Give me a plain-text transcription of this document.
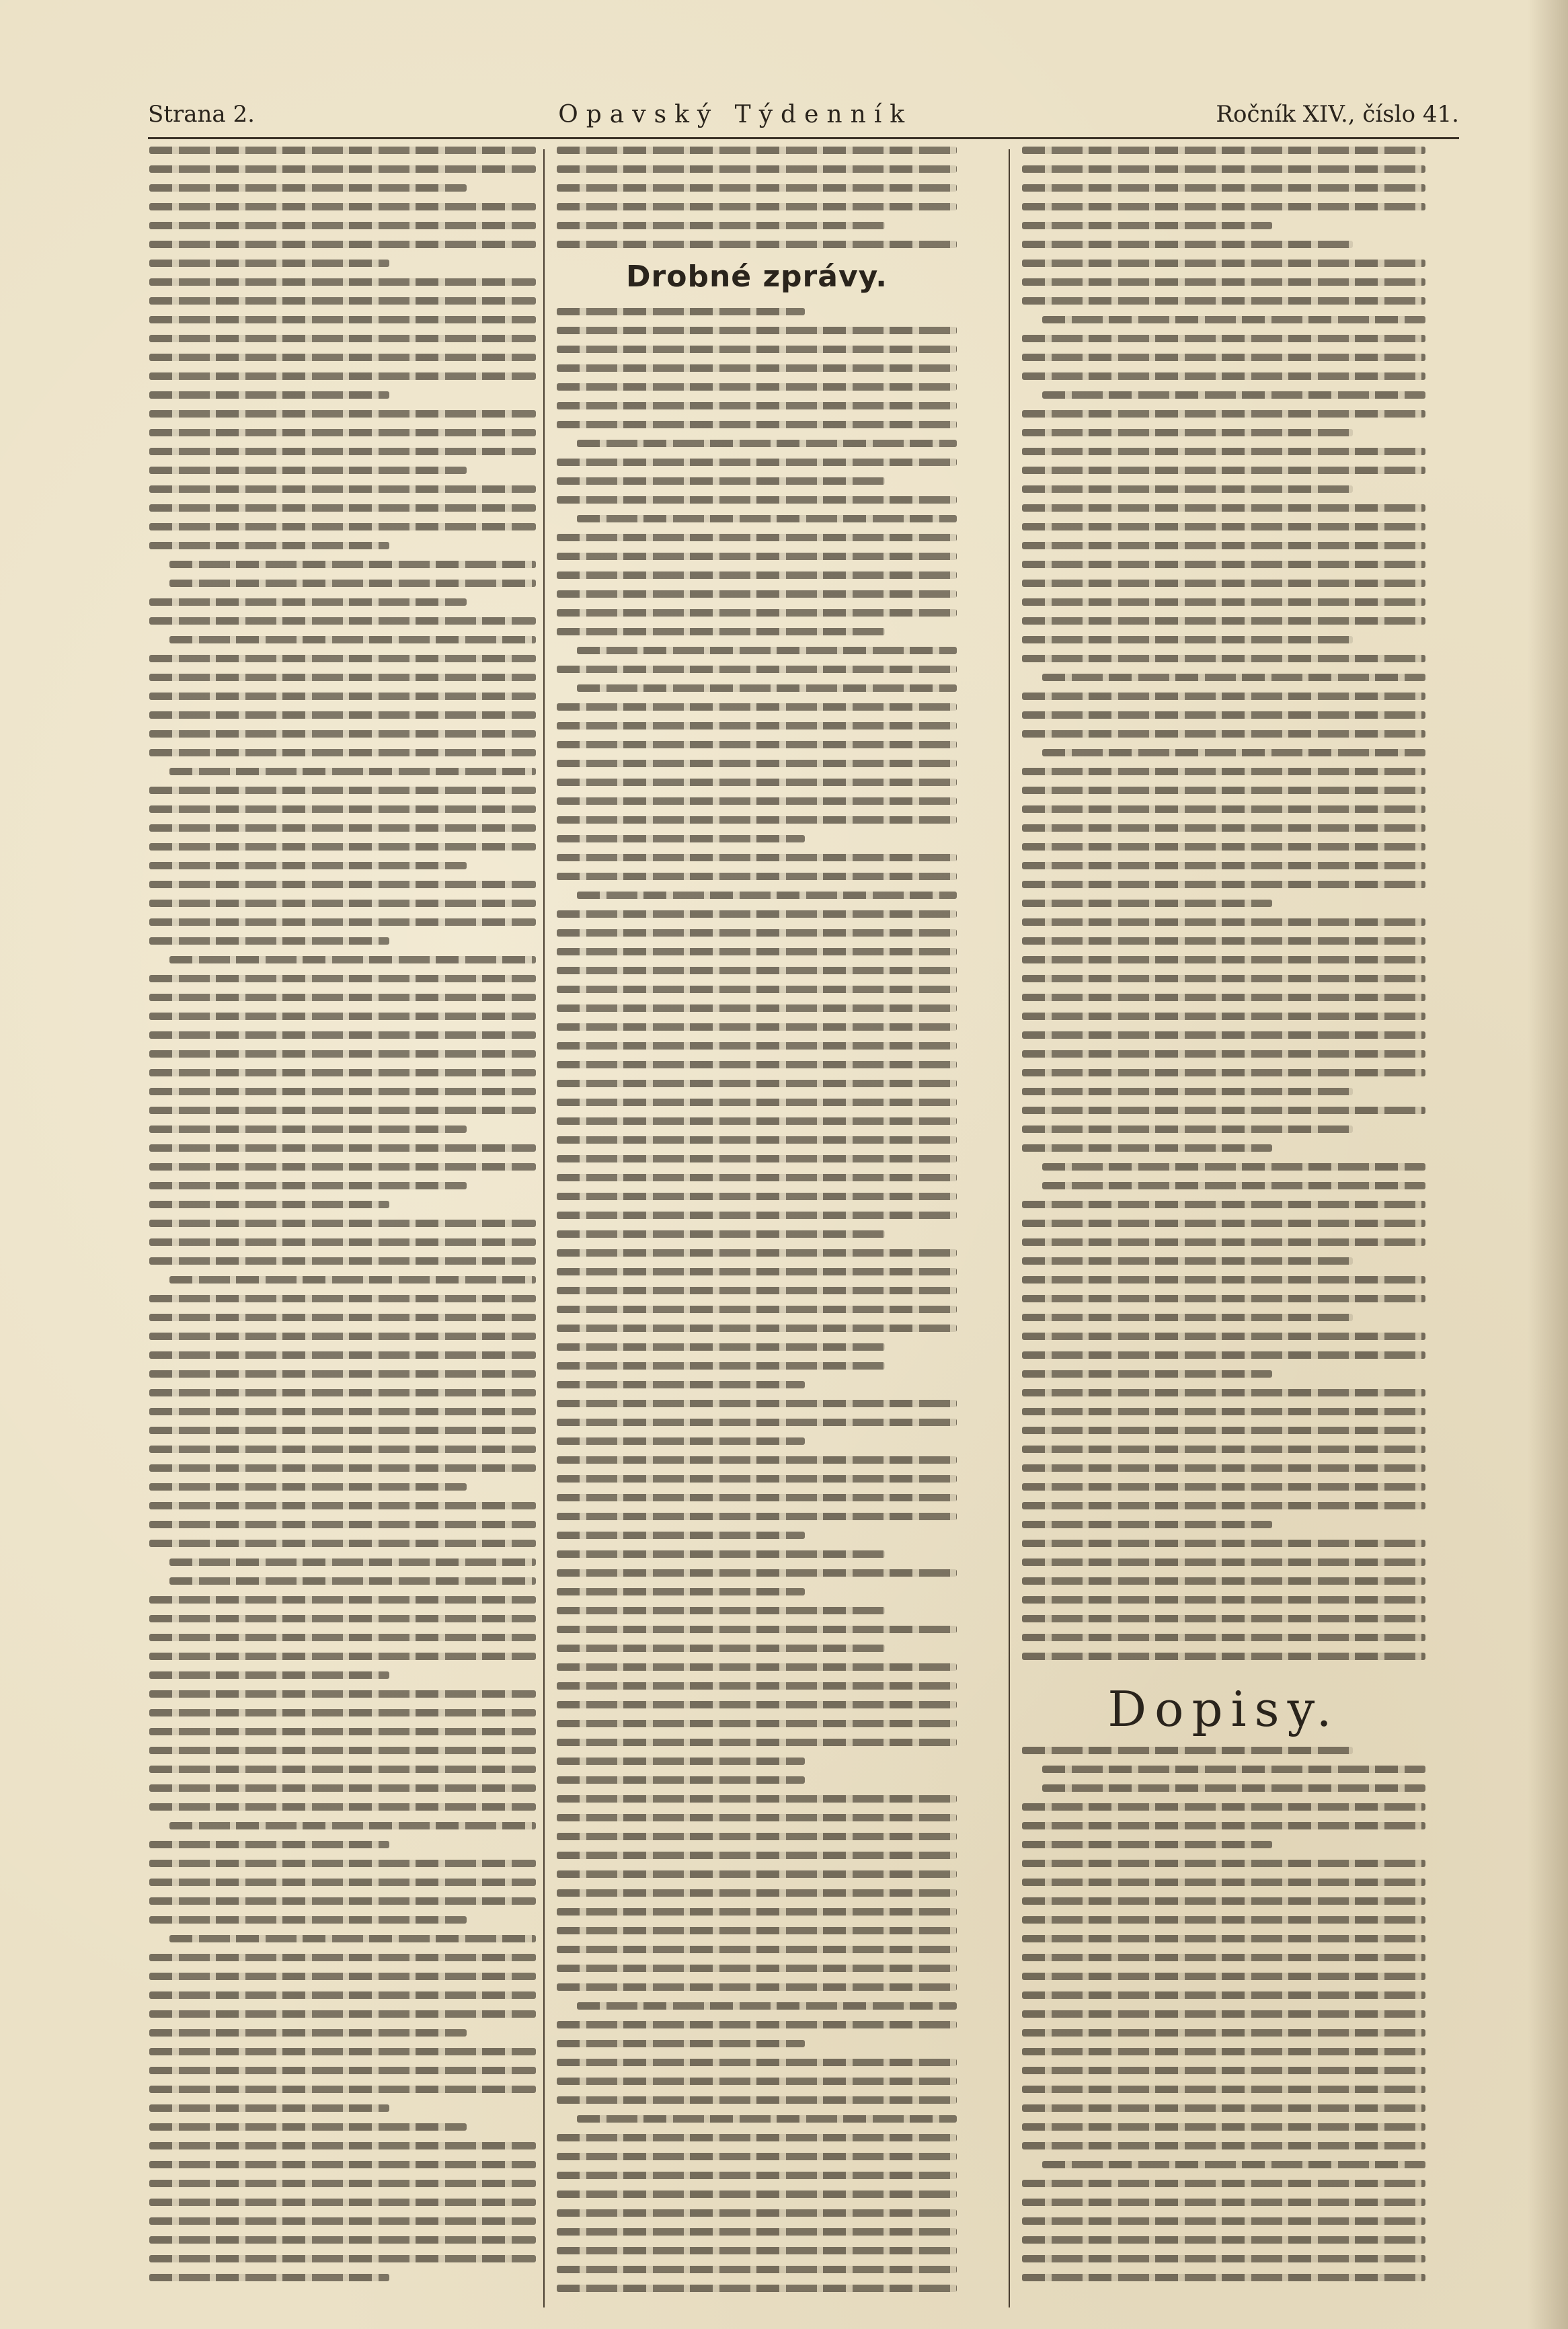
Strana 2.	Opavský Týdenník	Ročník XIV., číslo 41.
Drobné zprávy.
Dopisy.
